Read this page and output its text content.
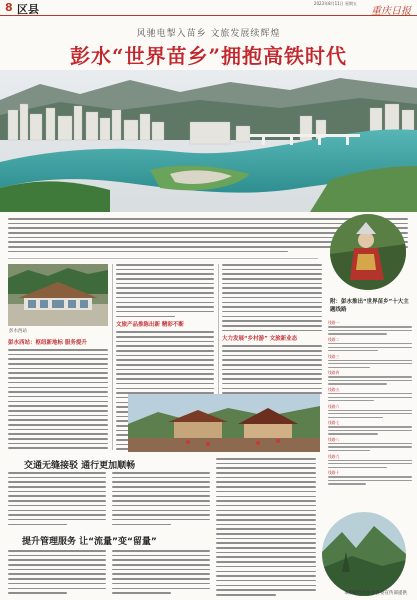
8 区县	2023年8月11日 星期五
重庆日报
风驰电掣入苗乡 文旅发展续辉煌
彭水“世界苗乡”拥抱高铁时代
彭水西站
彭水西站：枢纽新地标 服务提升
文旅产品推陈出新 精彩不断
大力发展“乡村游” 文旅新业态
附：彭水推出“世界苗乡”十大主题线路
线路一
线路二
线路三
线路四
线路五
线路六
线路七
线路八
线路九
线路十
交通无缝接驳 通行更加顺畅
提升管理服务 让“流量”变“留量”
本版稿件由彭水县委宣传部提供
